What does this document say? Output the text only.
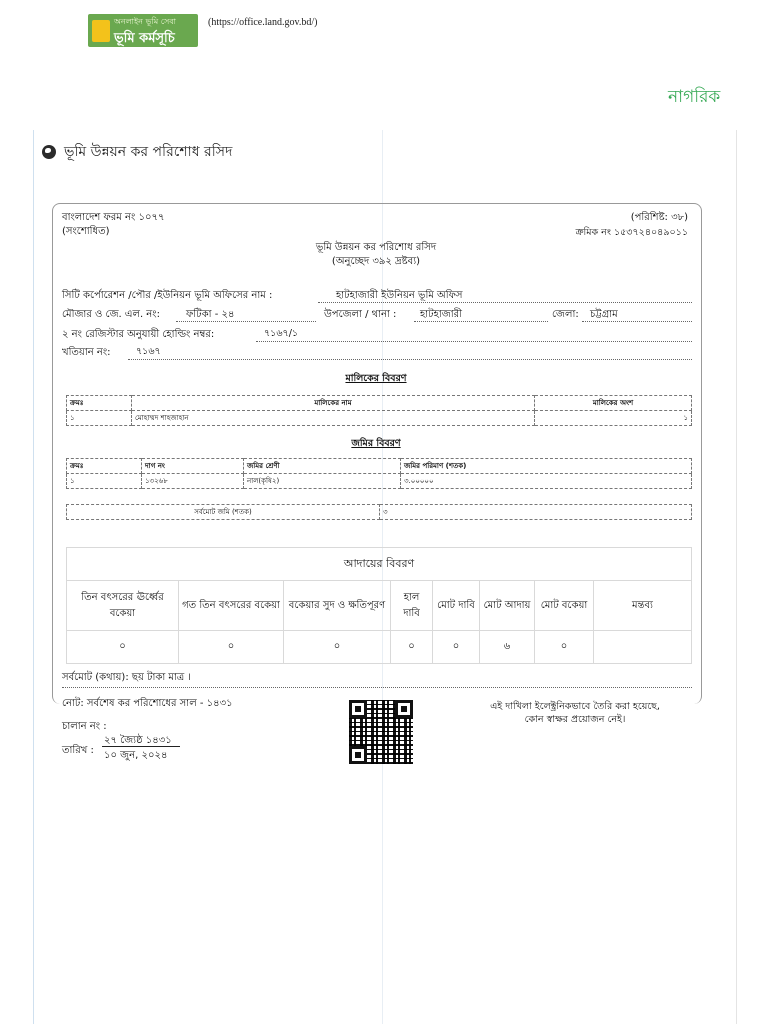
অনলাইন ভূমি সেবা
ভূমি কর্মসূচি
(https://office.land.gov.bd/)
নাগরিক
ভূমি উন্নয়ন কর পরিশোধ রসিদ
বাংলাদেশ ফরম নং ১০৭৭
(সংশোধিত)
(পরিশিষ্ট: ৩৮)
ক্রমিক নং ১৫৩৭২৪০৪৯০১১
ভূমি উন্নয়ন কর পরিশোধ রসিদ
(অনুচ্ছেদ ৩৯২ দ্রষ্টব্য)
সিটি কর্পোরেশন /পৌর /ইউনিয়ন ভূমি অফিসের নাম :	হাটহাজারী ইউনিয়ন ভূমি অফিস
মৌজার ও জে. এল. নং:	ফটিকা - ২৪	উপজেলা / থানা : হাটহাজারী	জেলা: চট্টগ্রাম
২ নং রেজিস্টার অনুযায়ী হোল্ডিং নম্বর:	৭১৬৭/১
খতিয়ান নং:	৭১৬৭
মালিকের বিবরণ
ক্রমঃ	মালিকের নাম	মালিকের অংশ
১	মোহাম্মদ শাহজাহান	১
জমির বিবরণ
ক্রমঃ	দাগ নং	জমির শ্রেণী	জমির পরিমাণ (শতক)
১	১৩২৬৮	নাল(কৃষি২)	৩.০০০০০
সর্বমোট জমি (শতক)	৩
আদায়ের বিবরণ							
তিন বৎসরের ঊর্ধ্বের বকেয়া	গত তিন বৎসরের বকেয়া	বকেয়ার সুদ ও ক্ষতিপূরণ	হাল দাবি	মোট দাবি	মোট আদায়	মোট বকেয়া	মন্তব্য
০	০	০	০	০	৬	০	
সর্বমোট (কথায়): ছয় টাকা মাত্র ।
নোট: সর্বশেষ কর পরিশোধের সাল - ১৪৩১
চালান নং :
তারিখ :
২৭ জ্যৈষ্ঠ ১৪৩১
১০ জুন, ২০২৪
এই দাখিলা ইলেক্ট্রনিকভাবে তৈরি করা হয়েছে,
কোন স্বাক্ষর প্রয়োজন নেই।
